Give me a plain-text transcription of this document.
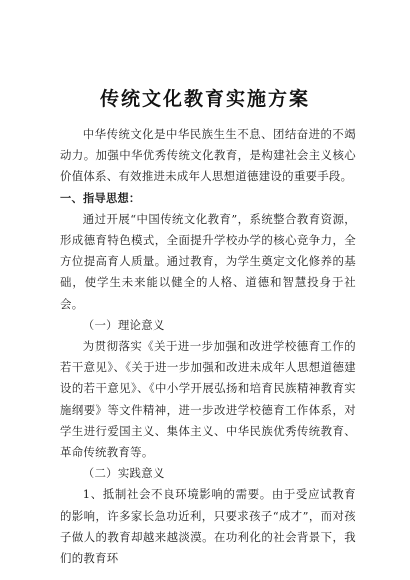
传统文化教育实施方案

中华传统文化是中华民族生生不息、团结奋进的不竭动力。加强中华优秀传统文化教育，是构建社会主义核心价值体系、有效推进未成年人思想道德建设的重要手段。

一、指导思想：

通过开展“中国传统文化教育”，系统整合教育资源，形成德育特色模式，全面提升学校办学的核心竞争力，全方位提高育人质量。通过教育，为学生奠定文化修养的基础，使学生未来能以健全的人格、道德和智慧投身于社会。

（一）理论意义

为贯彻落实《关于进一步加强和改进学校德育工作的若干意见》、《关于进一步加强和改进未成年人思想道德建设的若干意见》、《中小学开展弘扬和培育民族精神教育实施纲要》等文件精神，进一步改进学校德育工作体系，对学生进行爱国主义、集体主义、中华民族优秀传统教育、革命传统教育等。

（二）实践意义

1、抵制社会不良环境影响的需要。由于受应试教育的影响，许多家长急功近利，只要求孩子“成才”，而对孩子做人的教育却越来越淡漠。在功利化的社会背景下，我们的教育环
